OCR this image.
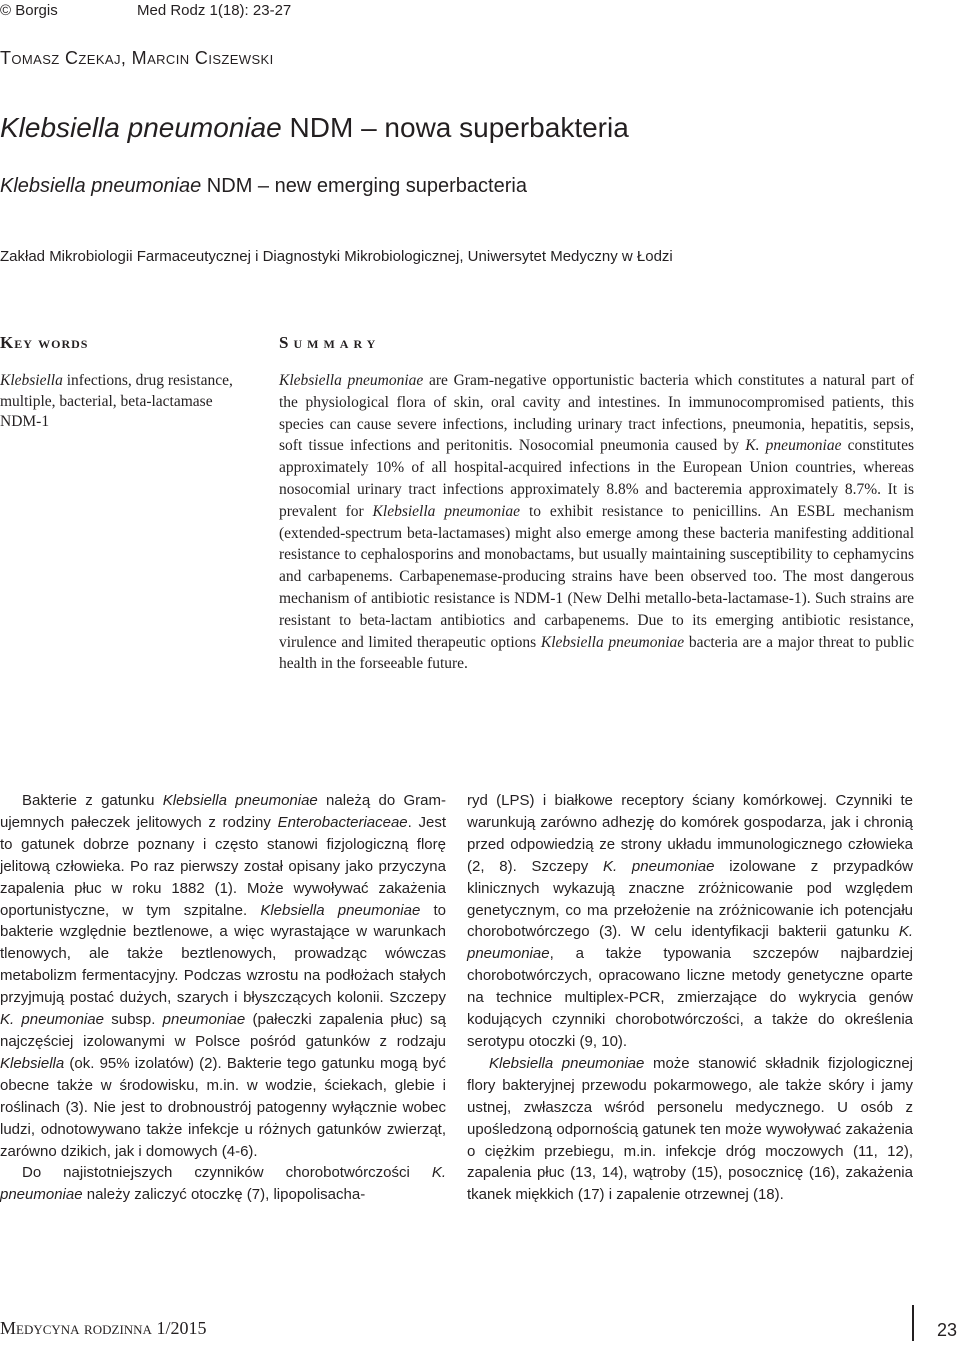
© Borgis	Med Rodz 1(18): 23-27
Tomasz Czekaj, Marcin Ciszewski
Klebsiella pneumoniae NDM – nowa superbakteria
Klebsiella pneumoniae NDM – new emerging superbacteria
Zakład Mikrobiologii Farmaceutycznej i Diagnostyki Mikrobiologicznej, Uniwersytet Medyczny w Łodzi
Key words
Klebsiella infections, drug resistance, multiple, bacterial, beta-lactamase NDM-1
Summary
Klebsiella pneumoniae are Gram-negative opportunistic bacteria which constitutes a natural part of the physiological flora of skin, oral cavity and intestines. In immunocompromised patients, this species can cause severe infections, including urinary tract infections, pneumonia, hepatitis, sepsis, soft tissue infections and peritonitis. Nosocomial pneumonia caused by K. pneumoniae constitutes approximately 10% of all hospital-acquired infections in the European Union countries, whereas nosocomial urinary tract infections approximately 8.8% and bacteremia approximately 8.7%. It is prevalent for Klebsiella pneumoniae to exhibit resistance to penicillins. An ESBL mechanism (extended-spectrum beta-lactamases) might also emerge among these bacteria manifesting additional resistance to cephalosporins and monobactams, but usually maintaining susceptibility to cephamycins and carbapenems. Carbapenemase-producing strains have been observed too. The most dangerous mechanism of antibiotic resistance is NDM-1 (New Delhi metallo-beta-lactamase-1). Such strains are resistant to beta-lactam antibiotics and carbapenems. Due to its emerging antibiotic resistance, virulence and limited therapeutic options Klebsiella pneumoniae bacteria are a major threat to public health in the forseeable future.

Bakterie z gatunku Klebsiella pneumoniae należą do Gram-ujemnych pałeczek jelitowych z rodziny Enterobacteriaceae. Jest to gatunek dobrze poznany i często stanowi fizjologiczną florę jelitową człowieka. Po raz pierwszy został opisany jako przyczyna zapalenia płuc w roku 1882 (1). Może wywoływać zakażenia oportunistyczne, w tym szpitalne. Klebsiella pneumoniae to bakterie względnie beztlenowe, a więc wyrastające w warunkach tlenowych, ale także beztlenowych, prowadząc wówczas metabolizm fermentacyjny. Podczas wzrostu na podłożach stałych przyjmują postać dużych, szarych i błyszczących kolonii. Szczepy K. pneumoniae subsp. pneumoniae (pałeczki zapalenia płuc) są najczęściej izolowanymi w Polsce pośród gatunków z rodzaju Klebsiella (ok. 95% izolatów) (2). Bakterie tego gatunku mogą być obecne także w środowisku, m.in. w wodzie, ściekach, glebie i roślinach (3). Nie jest to drobnoustrój patogenny wyłącznie wobec ludzi, odnotowywano także infekcje u różnych gatunków zwierząt, zarówno dzikich, jak i domowych (4-6).

Do najistotniejszych czynników chorobotwórczości K. pneumoniae należy zaliczyć otoczkę (7), lipopolisacha-

ryd (LPS) i białkowe receptory ściany komórkowej. Czynniki te warunkują zarówno adhezję do komórek gospodarza, jak i chronią przed odpowiedzią ze strony układu immunologicznego człowieka (2, 8). Szczepy K. pneumoniae izolowane z przypadków klinicznych wykazują znaczne zróżnicowanie pod względem genetycznym, co ma przełożenie na zróżnicowanie ich potencjału chorobotwórczego (3). W celu identyfikacji bakterii gatunku K. pneumoniae, a także typowania szczepów najbardziej chorobotwórczych, opracowano liczne metody genetyczne oparte na technice multiplex-PCR, zmierzające do wykrycia genów kodujących czynniki chorobotwórczości, a także do określenia serotypu otoczki (9, 10).

Klebsiella pneumoniae może stanowić składnik fizjologicznej flory bakteryjnej przewodu pokarmowego, ale także skóry i jamy ustnej, zwłaszcza wśród personelu medycznego. U osób z upośledzoną odpornością gatunek ten może wywoływać zakażenia o ciężkim przebiegu, m.in. infekcje dróg moczowych (11, 12), zapalenia płuc (13, 14), wątroby (15), posocznicę (16), zakażenia tkanek miękkich (17) i zapalenie otrzewnej (18).

Medycyna rodzinna 1/2015	23
